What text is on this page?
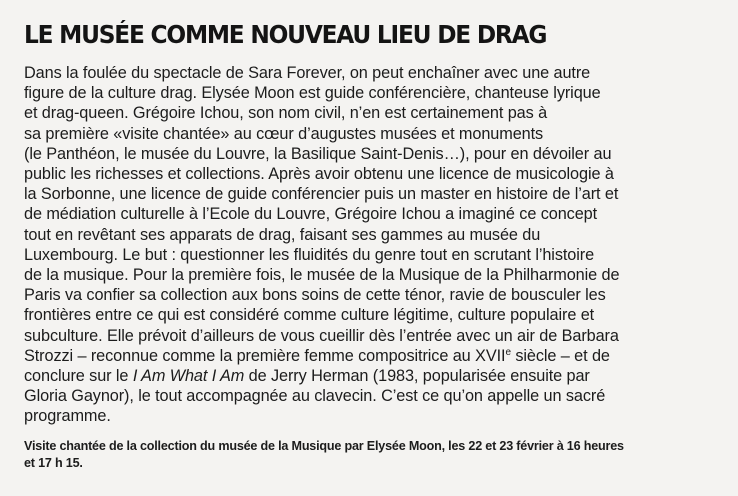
LE MUSÉE COMME NOUVEAU LIEU DE DRAG

Dans la foulée du spectacle de Sara Forever, on peut enchaîner avec une autre
figure de la culture drag. Elysée Moon est guide conférencière, chanteuse lyrique
et drag-queen. Grégoire Ichou, son nom civil, n’en est certainement pas à
sa première «visite chantée» au cœur d’augustes musées et monuments
(le Panthéon, le musée du Louvre, la Basilique Saint-Denis…), pour en dévoiler au
public les richesses et collections. Après avoir obtenu une licence de musicologie à
la Sorbonne, une licence de guide conférencier puis un master en histoire de l’art et
de médiation culturelle à l’Ecole du Louvre, Grégoire Ichou a imaginé ce concept
tout en revêtant ses apparats de drag, faisant ses gammes au musée du
Luxembourg. Le but : questionner les fluidités du genre tout en scrutant l’histoire
de la musique. Pour la première fois, le musée de la Musique de la Philharmonie de
Paris va confier sa collection aux bons soins de cette ténor, ravie de bousculer les
frontières entre ce qui est considéré comme culture légitime, culture populaire et
subculture. Elle prévoit d’ailleurs de vous cueillir dès l’entrée avec un air de Barbara
Strozzi – reconnue comme la première femme compositrice au XVIIe siècle – et de
conclure sur le I Am What I Am de Jerry Herman (1983, popularisée ensuite par
Gloria Gaynor), le tout accompagnée au clavecin. C’est ce qu’on appelle un sacré
programme.

Visite chantée de la collection du musée de la Musique par Elysée Moon, les 22 et 23 février à 16 heures
et 17 h 15.
